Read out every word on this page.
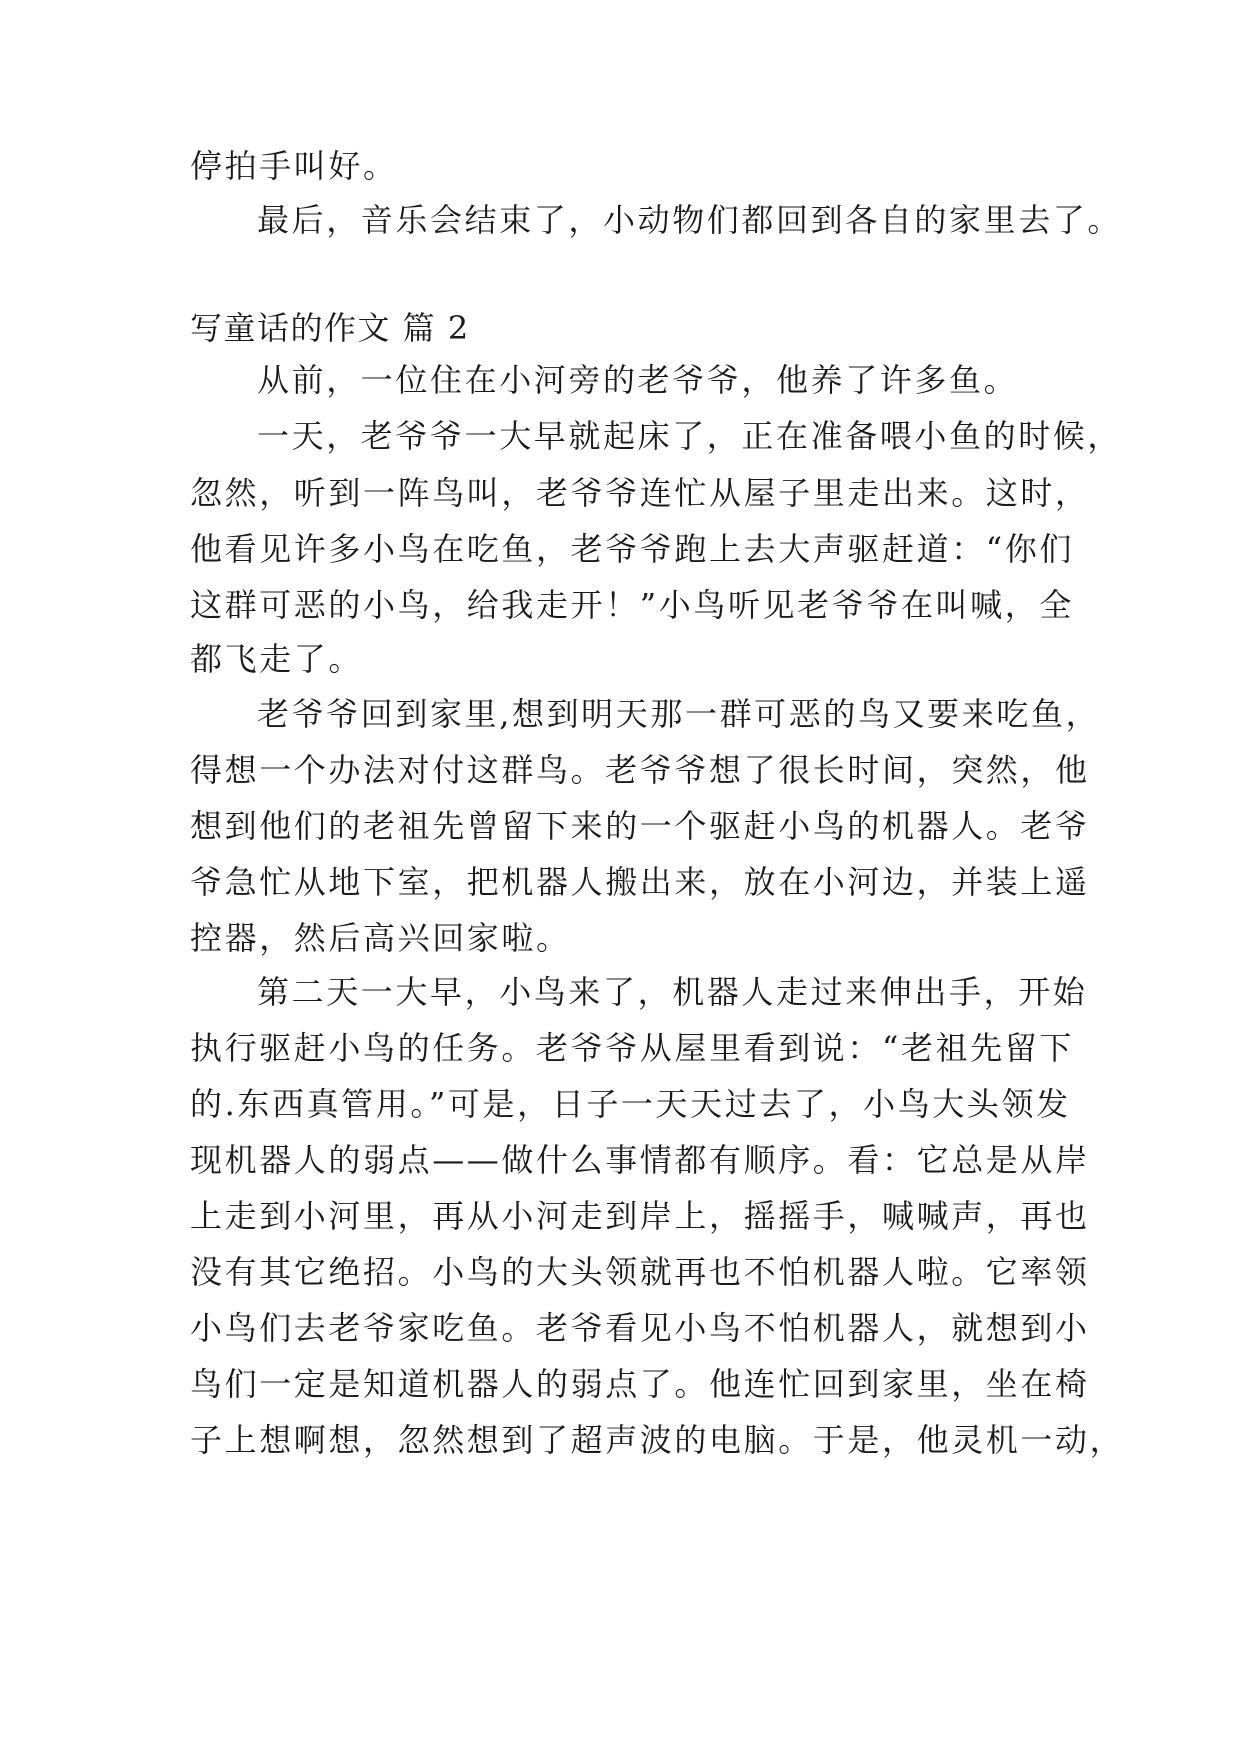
停拍手叫好。
最后，音乐会结束了，小动物们都回到各自的家里去了。
写童话的作文 篇 2
从前，一位住在小河旁的老爷爷，他养了许多鱼。
一天，老爷爷一大早就起床了，正在准备喂小鱼的时候，
忽然，听到一阵鸟叫，老爷爷连忙从屋子里走出来。这时，
他看见许多小鸟在吃鱼，老爷爷跑上去大声驱赶道：“你们
这群可恶的小鸟，给我走开！”小鸟听见老爷爷在叫喊，全
都飞走了。
老爷爷回到家里,想到明天那一群可恶的鸟又要来吃鱼，
得想一个办法对付这群鸟。老爷爷想了很长时间，突然，他
想到他们的老祖先曾留下来的一个驱赶小鸟的机器人。老爷
爷急忙从地下室，把机器人搬出来，放在小河边，并装上遥
控器，然后高兴回家啦。
第二天一大早，小鸟来了，机器人走过来伸出手，开始
执行驱赶小鸟的任务。老爷爷从屋里看到说：“老祖先留下
的.东西真管用。”可是，日子一天天过去了，小鸟大头领发
现机器人的弱点——做什么事情都有顺序。看：它总是从岸
上走到小河里，再从小河走到岸上，摇摇手，喊喊声，再也
没有其它绝招。小鸟的大头领就再也不怕机器人啦。它率领
小鸟们去老爷家吃鱼。老爷看见小鸟不怕机器人，就想到小
鸟们一定是知道机器人的弱点了。他连忙回到家里，坐在椅
子上想啊想，忽然想到了超声波的电脑。于是，他灵机一动，
